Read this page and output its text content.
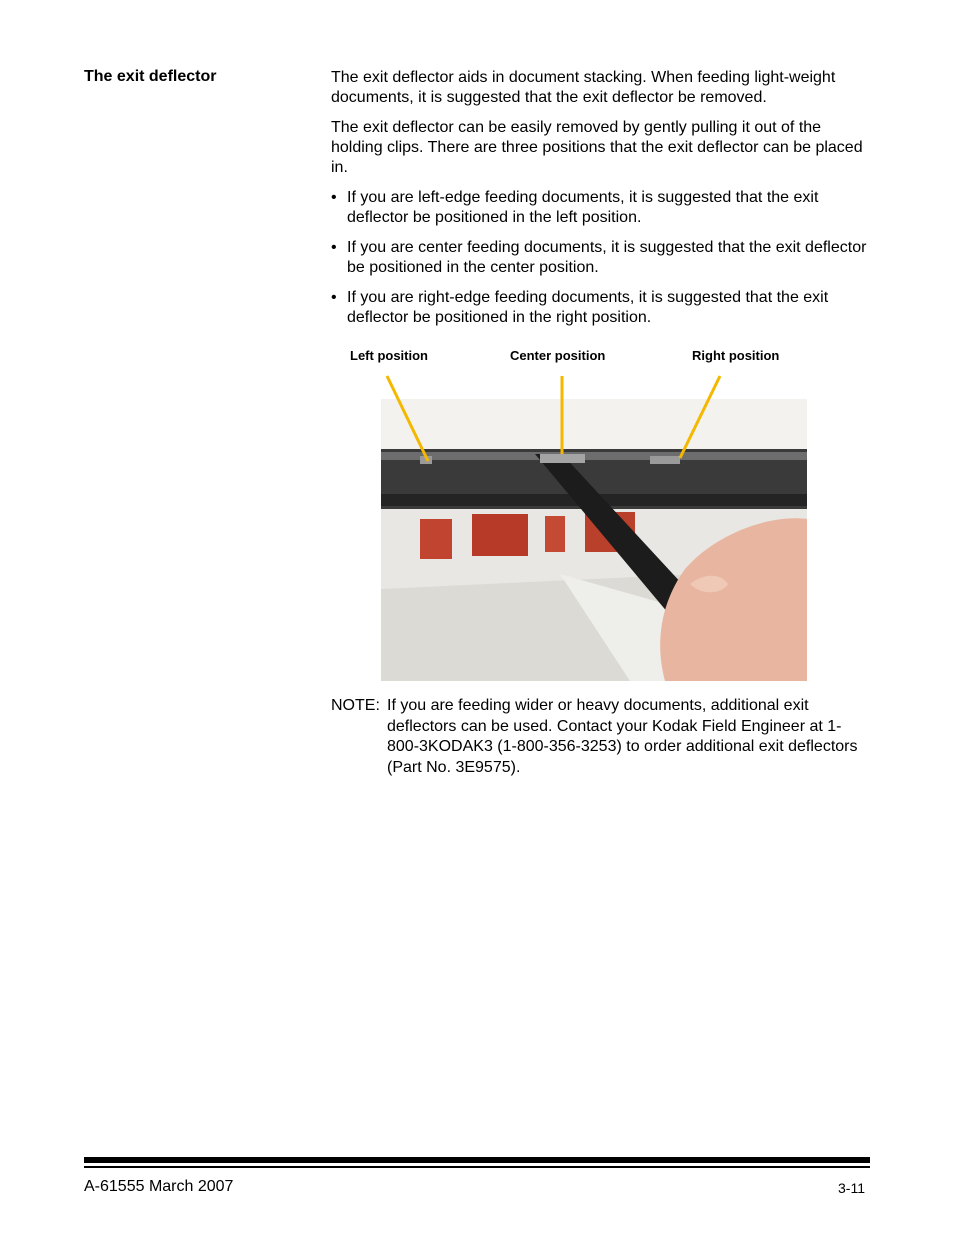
The exit deflector	The exit deflector aids in document stacking. When feeding light-weight documents, it is suggested that the exit deflector be removed.

The exit deflector can be easily removed by gently pulling it out of the holding clips. There are three positions that the exit deflector can be placed in.

• If you are left-edge feeding documents, it is suggested that the exit deflector be positioned in the left position.
• If you are center feeding documents, it is suggested that the exit deflector be positioned in the center position.
• If you are right-edge feeding documents, it is suggested that the exit deflector be positioned in the right position.

Left position	Center position	Right position

NOTE: If you are feeding wider or heavy documents, additional exit deflectors can be used. Contact your Kodak Field Engineer at 1-800-3KODAK3 (1-800-356-3253) to order additional exit deflectors (Part No. 3E9575).

A-61555 March 2007	3-11
